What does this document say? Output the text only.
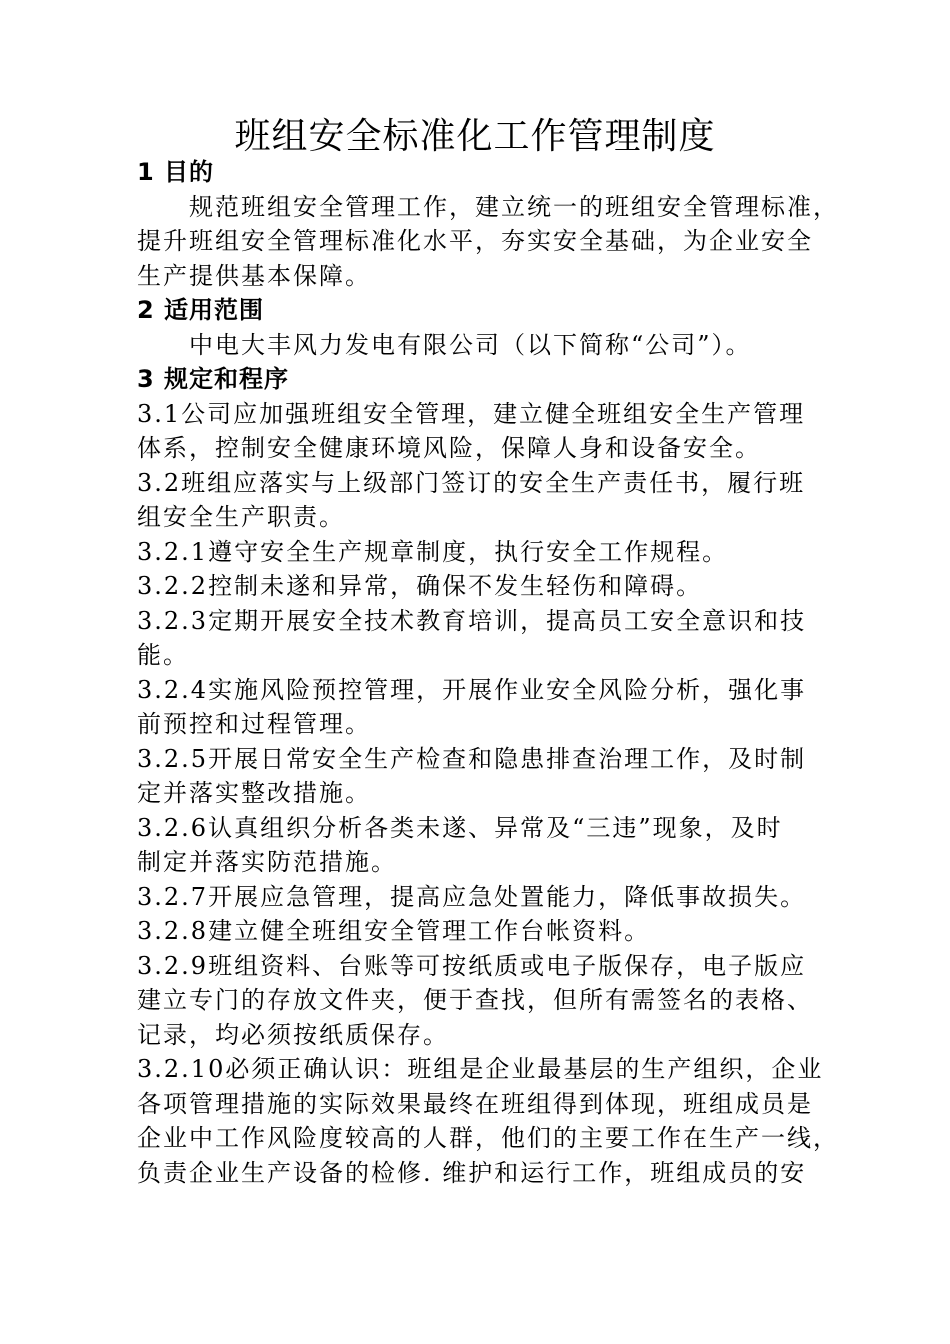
班组安全标准化工作管理制度
1 目的
规范班组安全管理工作，建立统一的班组安全管理标准，
提升班组安全管理标准化水平，夯实安全基础，为企业安全
生产提供基本保障。
2 适用范围
中电大丰风力发电有限公司（以下简称“公司”）。
3 规定和程序
3.1公司应加强班组安全管理，建立健全班组安全生产管理
体系，控制安全健康环境风险，保障人身和设备安全。
3.2班组应落实与上级部门签订的安全生产责任书，履行班
组安全生产职责。
3.2.1遵守安全生产规章制度，执行安全工作规程。
3.2.2控制未遂和异常，确保不发生轻伤和障碍。
3.2.3定期开展安全技术教育培训，提高员工安全意识和技
能。
3.2.4实施风险预控管理，开展作业安全风险分析，强化事
前预控和过程管理。
3.2.5开展日常安全生产检查和隐患排查治理工作，及时制
定并落实整改措施。
3.2.6认真组织分析各类未遂、异常及“三违”现象，及时
制定并落实防范措施。
3.2.7开展应急管理，提高应急处置能力，降低事故损失。
3.2.8建立健全班组安全管理工作台帐资料。
3.2.9班组资料、台账等可按纸质或电子版保存，电子版应
建立专门的存放文件夹，便于查找，但所有需签名的表格、
记录，均必须按纸质保存。
3.2.10必须正确认识：班组是企业最基层的生产组织，企业
各项管理措施的实际效果最终在班组得到体现，班组成员是
企业中工作风险度较高的人群，他们的主要工作在生产一线，
负责企业生产设备的检修. 维护和运行工作，班组成员的安
